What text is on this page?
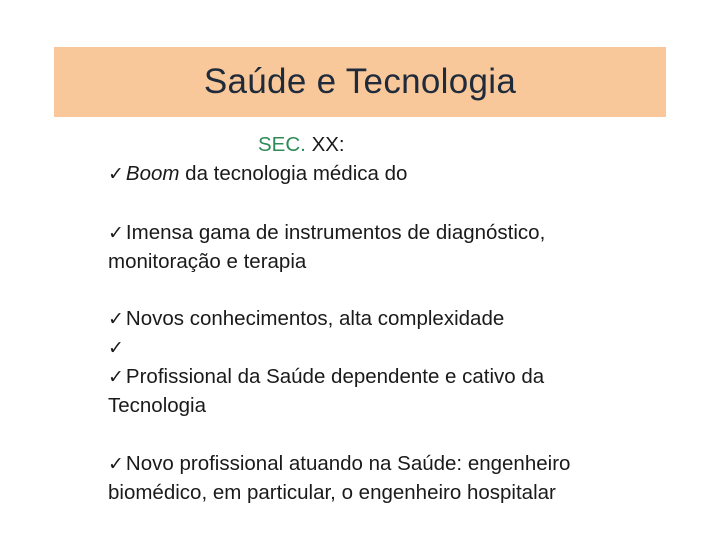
Saúde e Tecnologia
SEC. XX:
✓Boom da tecnologia médica do
✓Imensa gama de instrumentos de diagnóstico,
monitoração e terapia
✓Novos conhecimentos, alta complexidade
✓
✓Profissional da Saúde dependente e cativo da
Tecnologia
✓Novo profissional atuando na Saúde: engenheiro
biomédico, em particular, o engenheiro hospitalar
